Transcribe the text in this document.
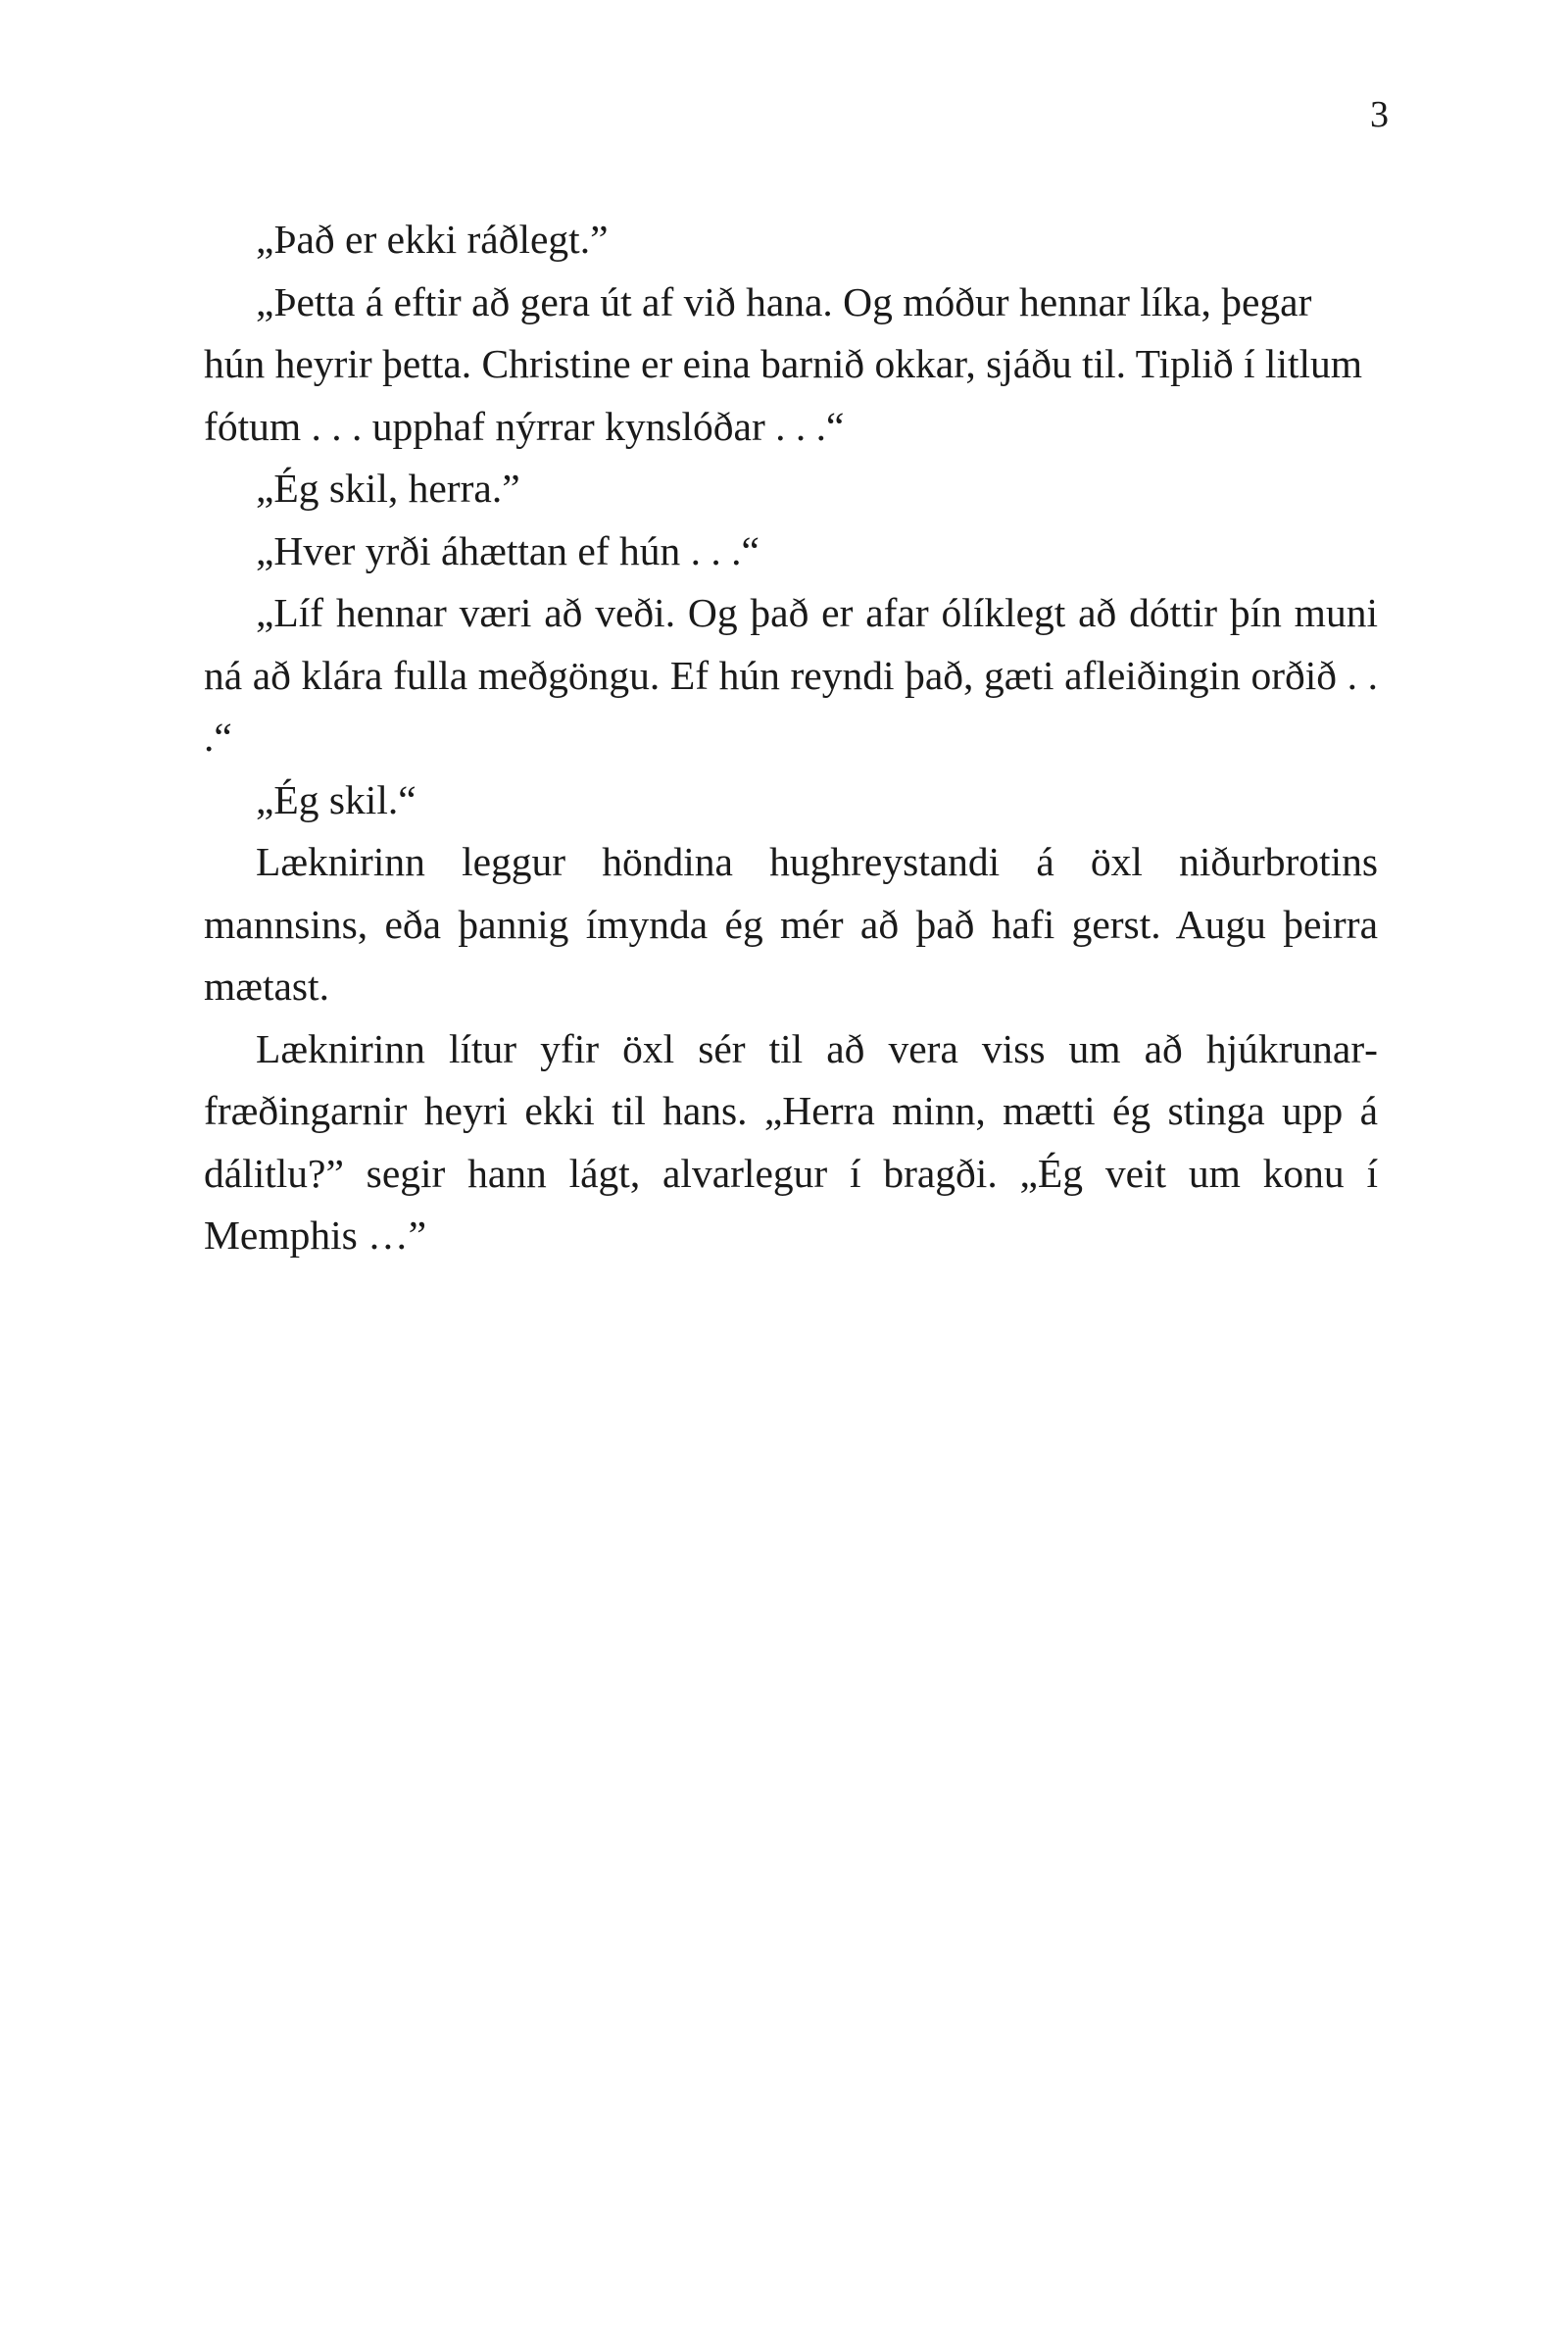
3

„Það er ekki ráðlegt.”

„Þetta á eftir að gera út af við hana. Og móður hennar líka, þegar hún heyrir þetta. Christine er eina barnið okkar, sjáðu til. Tiplið í litlum fótum . . . upphaf nýrrar kynslóðar . . .“

„Ég skil, herra.”

„Hver yrði áhættan ef hún . . .“

„Líf hennar væri að veði. Og það er afar ólíklegt að dóttir þín muni ná að klára fulla meðgöngu. Ef hún reyndi það, gæti afleiðingin orðið . . .“

„Ég skil.“

Læknirinn leggur höndina hughreystandi á öxl niðurbrotins mannsins, eða þannig ímynda ég mér að það hafi gerst. Augu þeirra mætast.

Læknirinn lítur yfir öxl sér til að vera viss um að hjúkrunarfræðingarnir heyri ekki til hans. „Herra minn, mætti ég stinga upp á dálitlu?” segir hann lágt, alvarlegur í bragði. „Ég veit um konu í Memphis …”
